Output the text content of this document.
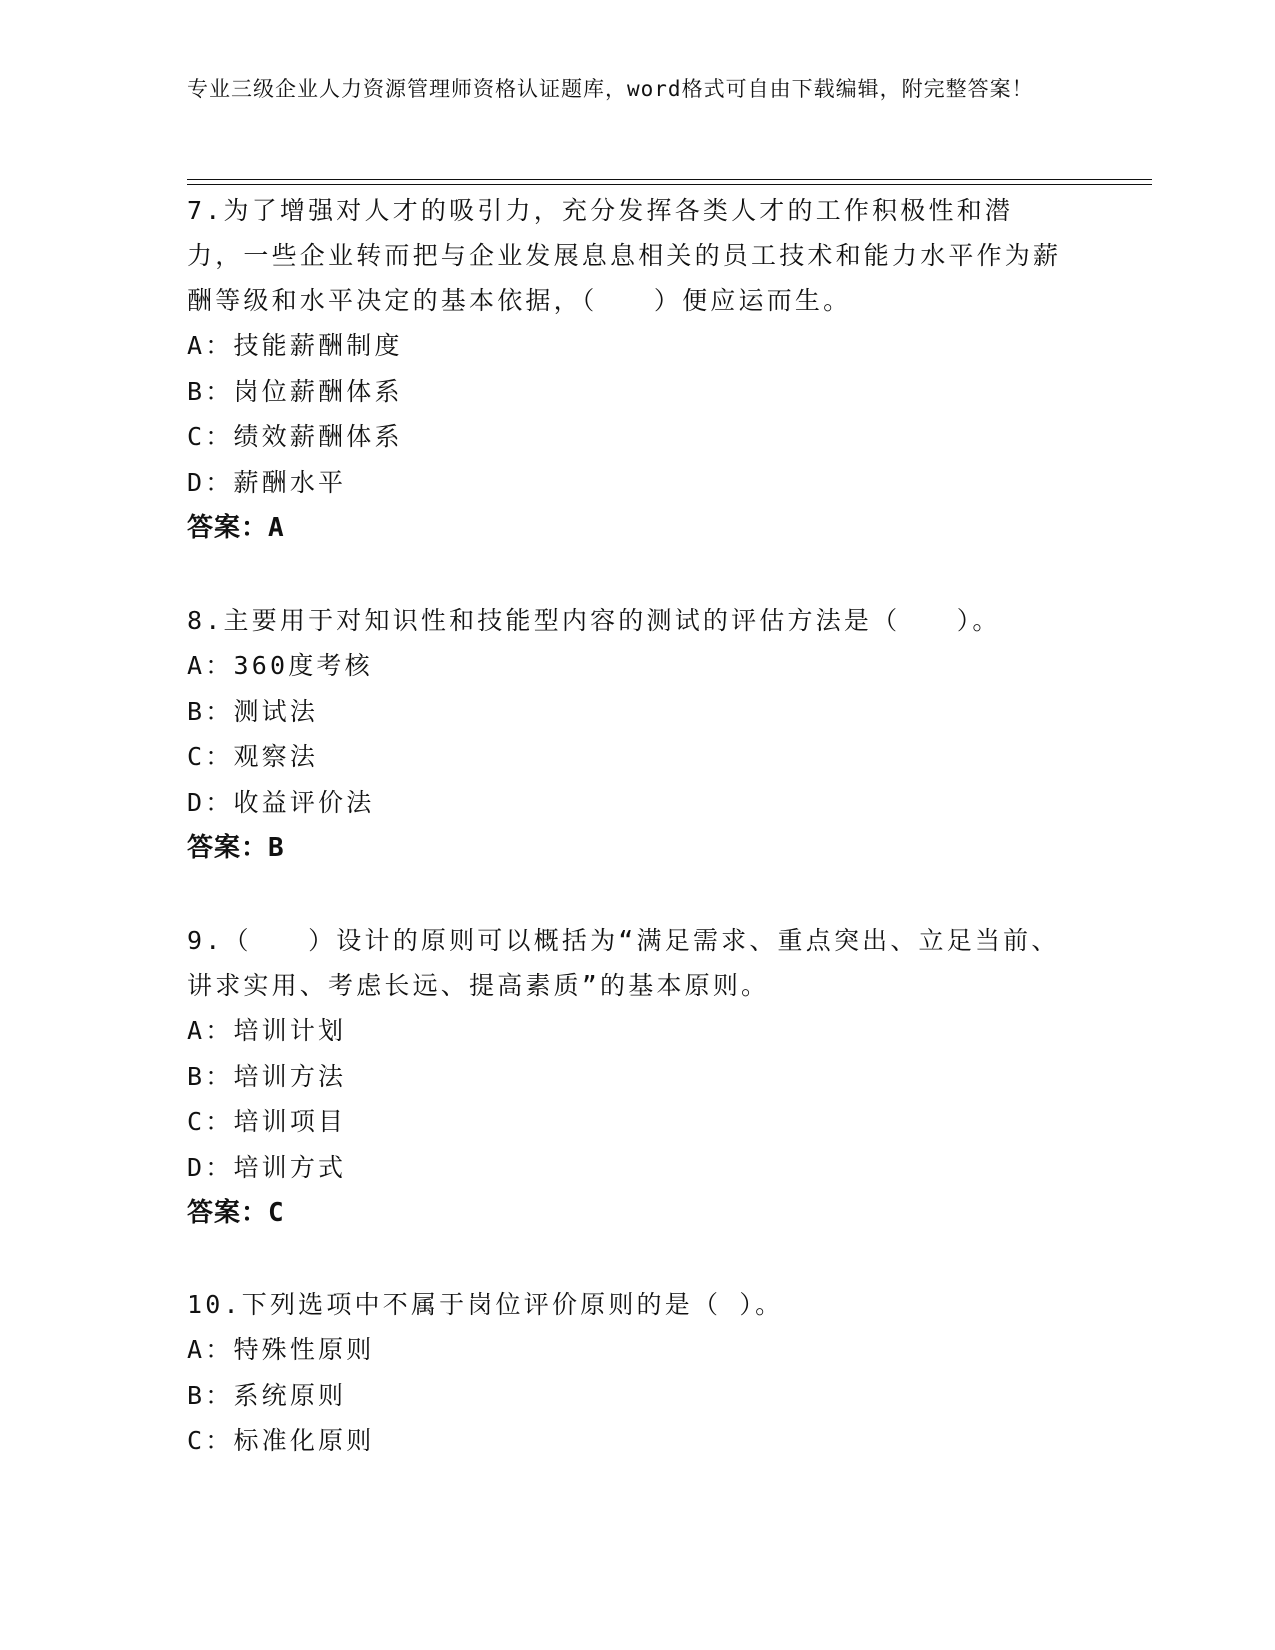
专业三级企业人力资源管理师资格认证题库，word格式可自由下载编辑，附完整答案！

7.为了增强对人才的吸引力，充分发挥各类人才的工作积极性和潜力，一些企业转而把与企业发展息息相关的员工技术和能力水平作为薪酬等级和水平决定的基本依据，（　　）便应运而生。

A：技能薪酬制度

B：岗位薪酬体系

C：绩效薪酬体系

D：薪酬水平

答案：A

8.主要用于对知识性和技能型内容的测试的评估方法是（　　）。

A：360度考核

B：测试法

C：观察法

D：收益评价法

答案：B

9.（　　）设计的原则可以概括为“满足需求、重点突出、立足当前、讲求实用、考虑长远、提高素质”的基本原则。

A：培训计划

B：培训方法

C：培训项目

D：培训方式

答案：C

10.下列选项中不属于岗位评价原则的是（ ）。

A：特殊性原则

B：系统原则

C：标准化原则
